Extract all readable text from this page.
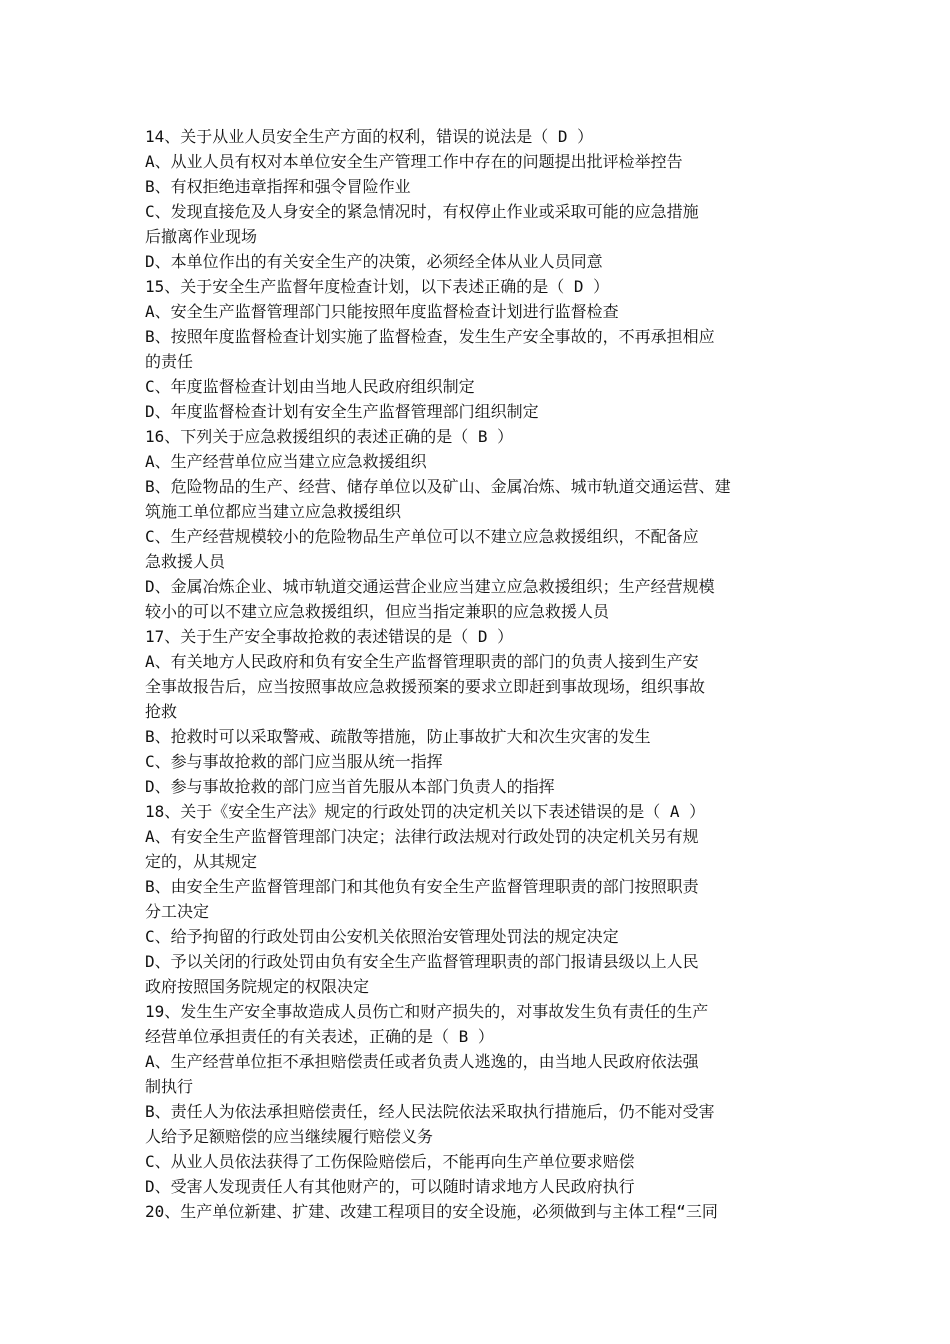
14、关于从业人员安全生产方面的权利，错误的说法是（ D ）
A、从业人员有权对本单位安全生产管理工作中存在的问题提出批评检举控告
B、有权拒绝违章指挥和强令冒险作业
C、发现直接危及人身安全的紧急情况时，有权停止作业或采取可能的应急措施
后撤离作业现场
D、本单位作出的有关安全生产的决策，必须经全体从业人员同意
15、关于安全生产监督年度检查计划，以下表述正确的是（ D ）
A、安全生产监督管理部门只能按照年度监督检查计划进行监督检查
B、按照年度监督检查计划实施了监督检查，发生生产安全事故的，不再承担相应
的责任
C、年度监督检查计划由当地人民政府组织制定
D、年度监督检查计划有安全生产监督管理部门组织制定
16、下列关于应急救援组织的表述正确的是（ B ）
A、生产经营单位应当建立应急救援组织
B、危险物品的生产、经营、储存单位以及矿山、金属冶炼、城市轨道交通运营、建
筑施工单位都应当建立应急救援组织
C、生产经营规模较小的危险物品生产单位可以不建立应急救援组织，不配备应
急救援人员
D、金属冶炼企业、城市轨道交通运营企业应当建立应急救援组织；生产经营规模
较小的可以不建立应急救援组织，但应当指定兼职的应急救援人员
17、关于生产安全事故抢救的表述错误的是（ D ）
A、有关地方人民政府和负有安全生产监督管理职责的部门的负责人接到生产安
全事故报告后，应当按照事故应急救援预案的要求立即赶到事故现场，组织事故
抢救
B、抢救时可以采取警戒、疏散等措施，防止事故扩大和次生灾害的发生
C、参与事故抢救的部门应当服从统一指挥
D、参与事故抢救的部门应当首先服从本部门负责人的指挥
18、关于《安全生产法》规定的行政处罚的决定机关以下表述错误的是（ A ）
A、有安全生产监督管理部门决定；法律行政法规对行政处罚的决定机关另有规
定的，从其规定
B、由安全生产监督管理部门和其他负有安全生产监督管理职责的部门按照职责
分工决定
C、给予拘留的行政处罚由公安机关依照治安管理处罚法的规定决定
D、予以关闭的行政处罚由负有安全生产监督管理职责的部门报请县级以上人民
政府按照国务院规定的权限决定
19、发生生产安全事故造成人员伤亡和财产损失的，对事故发生负有责任的生产
经营单位承担责任的有关表述，正确的是（ B ）
A、生产经营单位拒不承担赔偿责任或者负责人逃逸的，由当地人民政府依法强
制执行
B、责任人为依法承担赔偿责任，经人民法院依法采取执行措施后，仍不能对受害
人给予足额赔偿的应当继续履行赔偿义务
C、从业人员依法获得了工伤保险赔偿后，不能再向生产单位要求赔偿
D、受害人发现责任人有其他财产的，可以随时请求地方人民政府执行
20、生产单位新建、扩建、改建工程项目的安全设施，必须做到与主体工程“三同
